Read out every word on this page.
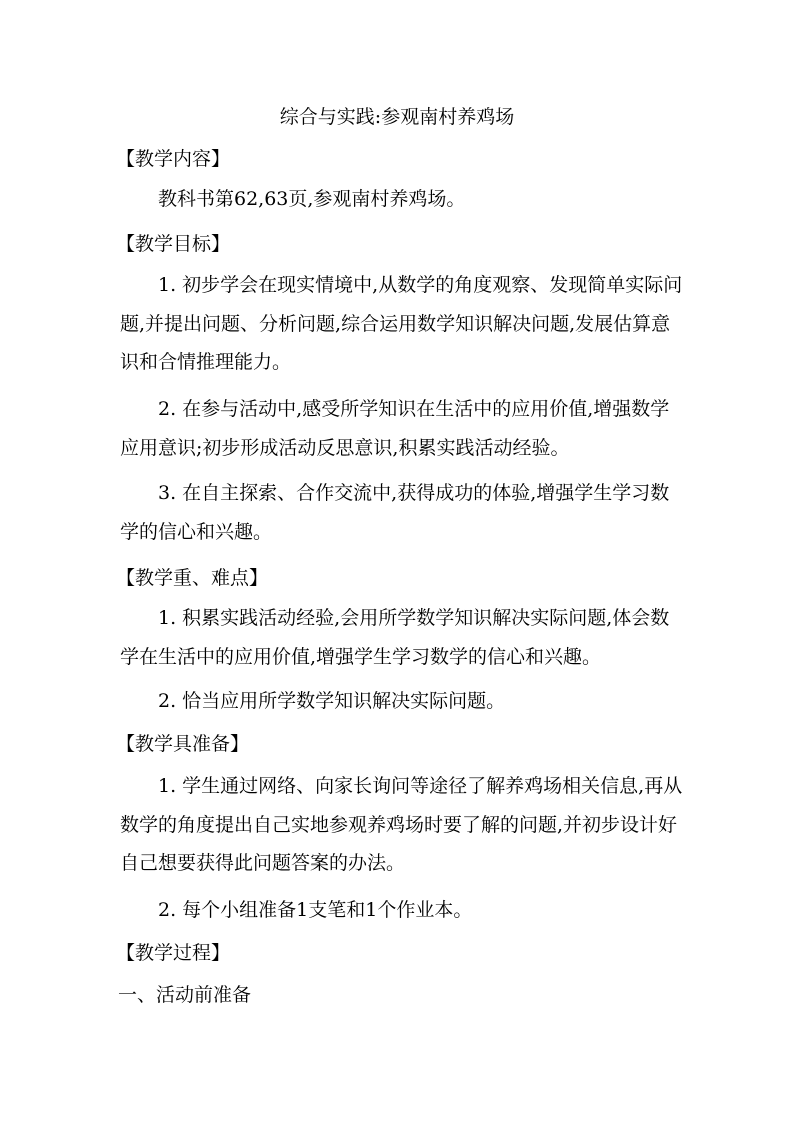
综合与实践:参观南村养鸡场
【教学内容】
教科书第62,63页,参观南村养鸡场。
【教学目标】
1. 初步学会在现实情境中,从数学的角度观察、发现简单实际问
题,并提出问题、分析问题,综合运用数学知识解决问题,发展估算意
识和合情推理能力。
2. 在参与活动中,感受所学知识在生活中的应用价值,增强数学
应用意识;初步形成活动反思意识,积累实践活动经验。
3. 在自主探索、合作交流中,获得成功的体验,增强学生学习数
学的信心和兴趣。
【教学重、难点】
1. 积累实践活动经验,会用所学数学知识解决实际问题,体会数
学在生活中的应用价值,增强学生学习数学的信心和兴趣。
2. 恰当应用所学数学知识解决实际问题。
【教学具准备】
1. 学生通过网络、向家长询问等途径了解养鸡场相关信息,再从
数学的角度提出自己实地参观养鸡场时要了解的问题,并初步设计好
自己想要获得此问题答案的办法。
2. 每个小组准备1支笔和1个作业本。
【教学过程】
一、活动前准备
